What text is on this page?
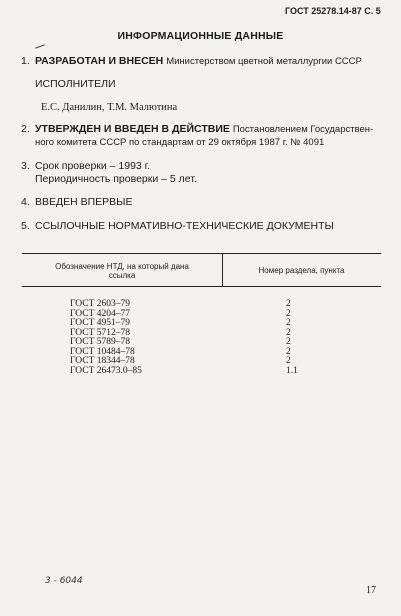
ГОСТ 25278.14-87 С. 5
ИНФОРМАЦИОННЫЕ ДАННЫЕ
1. РАЗРАБОТАН И ВНЕСЕН Министерством цветной металлургии СССР
ИСПОЛНИТЕЛИ
Е.С. Данилин, Т.М. Малютина
2. УТВЕРЖДЕН И ВВЕДЕН В ДЕЙСТВИЕ Постановлением Государствен-
ного комитета СССР по стандартам от 29 октября 1987 г. № 4091
3. Срок проверки – 1993 г.
Периодичность проверки – 5 лет.
4. ВВЕДЕН ВПЕРВЫЕ
5. ССЫЛОЧНЫЕ НОРМАТИВНО-ТЕХНИЧЕСКИЕ ДОКУМЕНТЫ
Обозначение НТД, на который дана
ссылка
Номер раздела, пункта
ГОСТ 2603–79
ГОСТ 4204–77
ГОСТ 4951–79
ГОСТ 5712–78
ГОСТ 5789–78
ГОСТ 10484–78
ГОСТ 18344–78
ГОСТ 26473.0–85
2
2
2
2
2
2
2
1.1
3 - 6044
17
